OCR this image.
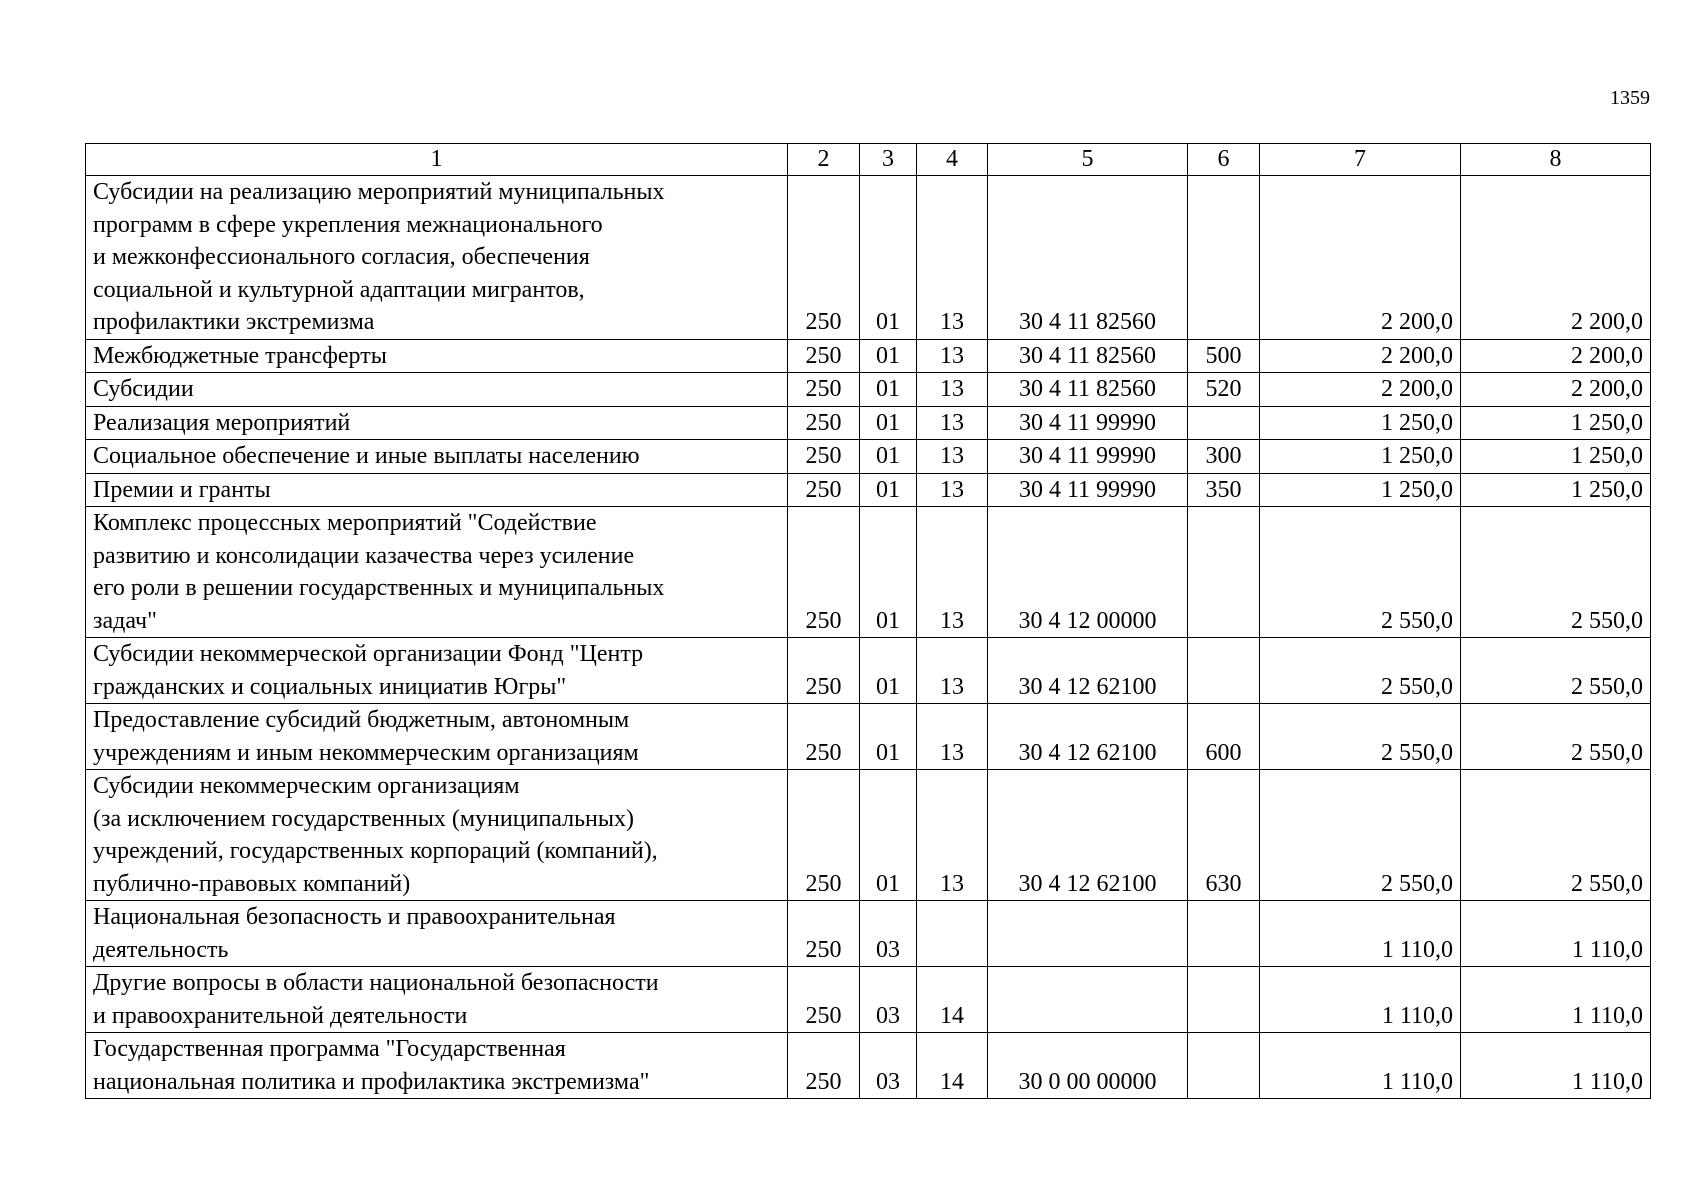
1359
1	2	3	4	5	6	7	8
Субсидии на реализацию мероприятий муниципальных
программ в сфере укрепления межнационального
и межконфессионального согласия, обеспечения
социальной и культурной адаптации мигрантов,
профилактики экстремизма	250	01	13	30 4 11 82560		2 200,0	2 200,0
Межбюджетные трансферты	250	01	13	30 4 11 82560	500	2 200,0	2 200,0
Субсидии	250	01	13	30 4 11 82560	520	2 200,0	2 200,0
Реализация мероприятий	250	01	13	30 4 11 99990		1 250,0	1 250,0
Социальное обеспечение и иные выплаты населению	250	01	13	30 4 11 99990	300	1 250,0	1 250,0
Премии и гранты	250	01	13	30 4 11 99990	350	1 250,0	1 250,0
Комплекс процессных мероприятий "Содействие
развитию и консолидации казачества через усиление
его роли в решении государственных и муниципальных
задач"	250	01	13	30 4 12 00000		2 550,0	2 550,0
Субсидии некоммерческой организации Фонд "Центр
гражданских и социальных инициатив Югры"	250	01	13	30 4 12 62100		2 550,0	2 550,0
Предоставление субсидий бюджетным, автономным
учреждениям и иным некоммерческим организациям	250	01	13	30 4 12 62100	600	2 550,0	2 550,0
Субсидии некоммерческим организациям
(за исключением государственных (муниципальных)
учреждений, государственных корпораций (компаний),
публично-правовых компаний)	250	01	13	30 4 12 62100	630	2 550,0	2 550,0
Национальная безопасность и правоохранительная
деятельность	250	03				1 110,0	1 110,0
Другие вопросы в области национальной безопасности
и правоохранительной деятельности	250	03	14			1 110,0	1 110,0
Государственная программа "Государственная
национальная политика и профилактика экстремизма"	250	03	14	30 0 00 00000		1 110,0	1 110,0
